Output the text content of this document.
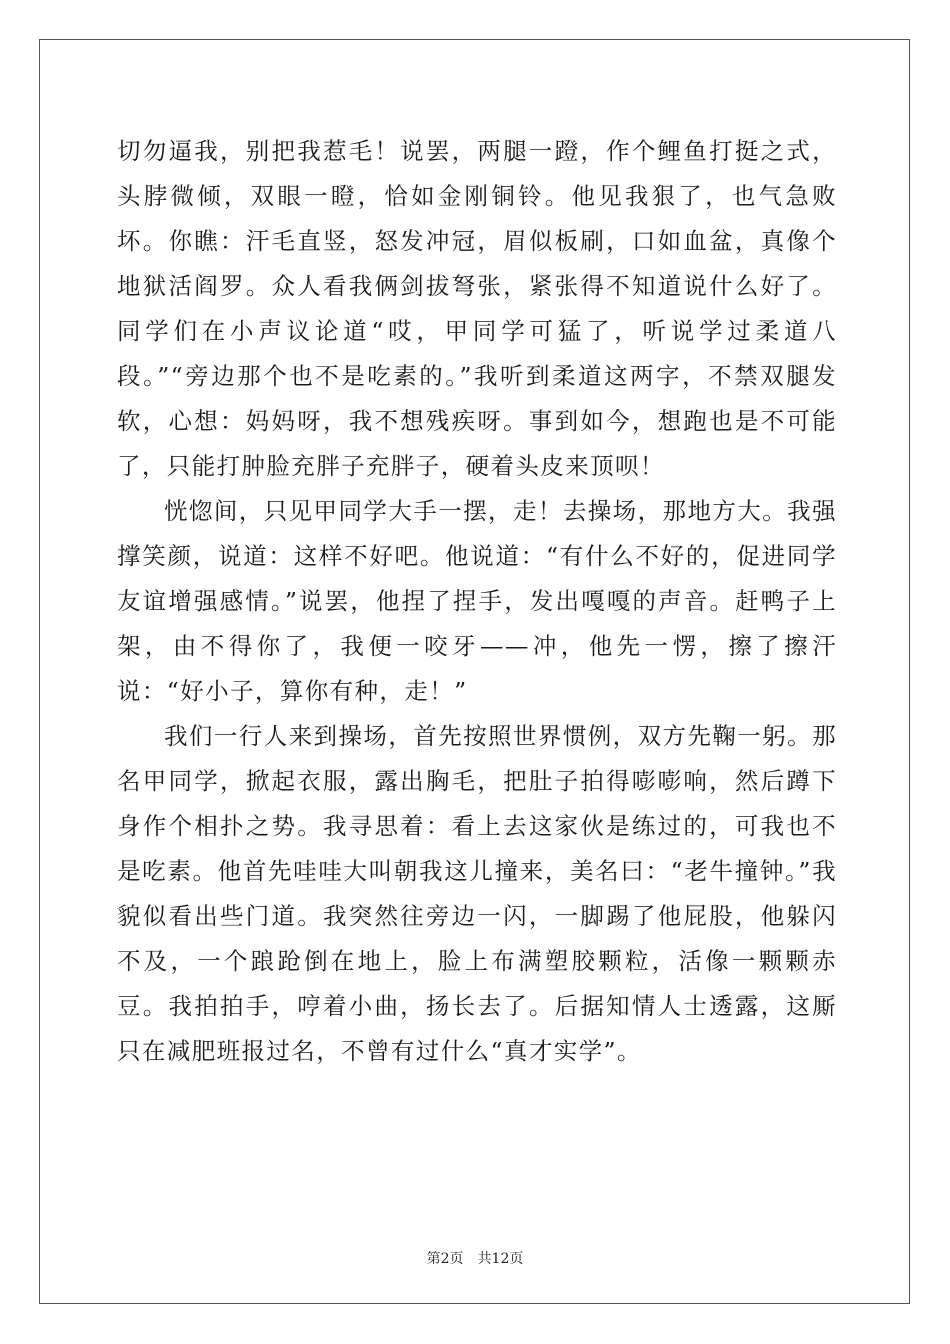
切勿逼我，别把我惹毛！说罢，两腿一蹬，作个鲤鱼打挺之式，头脖微倾，双眼一瞪，恰如金刚铜铃。他见我狠了，也气急败坏。你瞧：汗毛直竖，怒发冲冠，眉似板刷，口如血盆，真像个地狱活阎罗。众人看我俩剑拔弩张，紧张得不知道说什么好了。同学们在小声议论道“哎，甲同学可猛了，听说学过柔道八段。”“旁边那个也不是吃素的。”我听到柔道这两字，不禁双腿发软，心想：妈妈呀，我不想残疾呀。事到如今，想跑也是不可能了，只能打肿脸充胖子充胖子，硬着头皮来顶呗！

恍惚间，只见甲同学大手一摆，走！去操场，那地方大。我强撑笑颜，说道：这样不好吧。他说道：“有什么不好的，促进同学友谊增强感情。”说罢，他捏了捏手，发出嘎嘎的声音。赶鸭子上架，由不得你了，我便一咬牙——冲，他先一愣，擦了擦汗说：“好小子，算你有种，走！”

我们一行人来到操场，首先按照世界惯例，双方先鞠一躬。那名甲同学，掀起衣服，露出胸毛，把肚子拍得嘭嘭响，然后蹲下身作个相扑之势。我寻思着：看上去这家伙是练过的，可我也不是吃素。他首先哇哇大叫朝我这儿撞来，美名曰：“老牛撞钟。”我貌似看出些门道。我突然往旁边一闪，一脚踢了他屁股，他躲闪不及，一个踉跄倒在地上，脸上布满塑胶颗粒，活像一颗颗赤豆。我拍拍手，哼着小曲，扬长去了。后据知情人士透露，这厮只在减肥班报过名，不曾有过什么“真才实学”。

第2页　共12页
